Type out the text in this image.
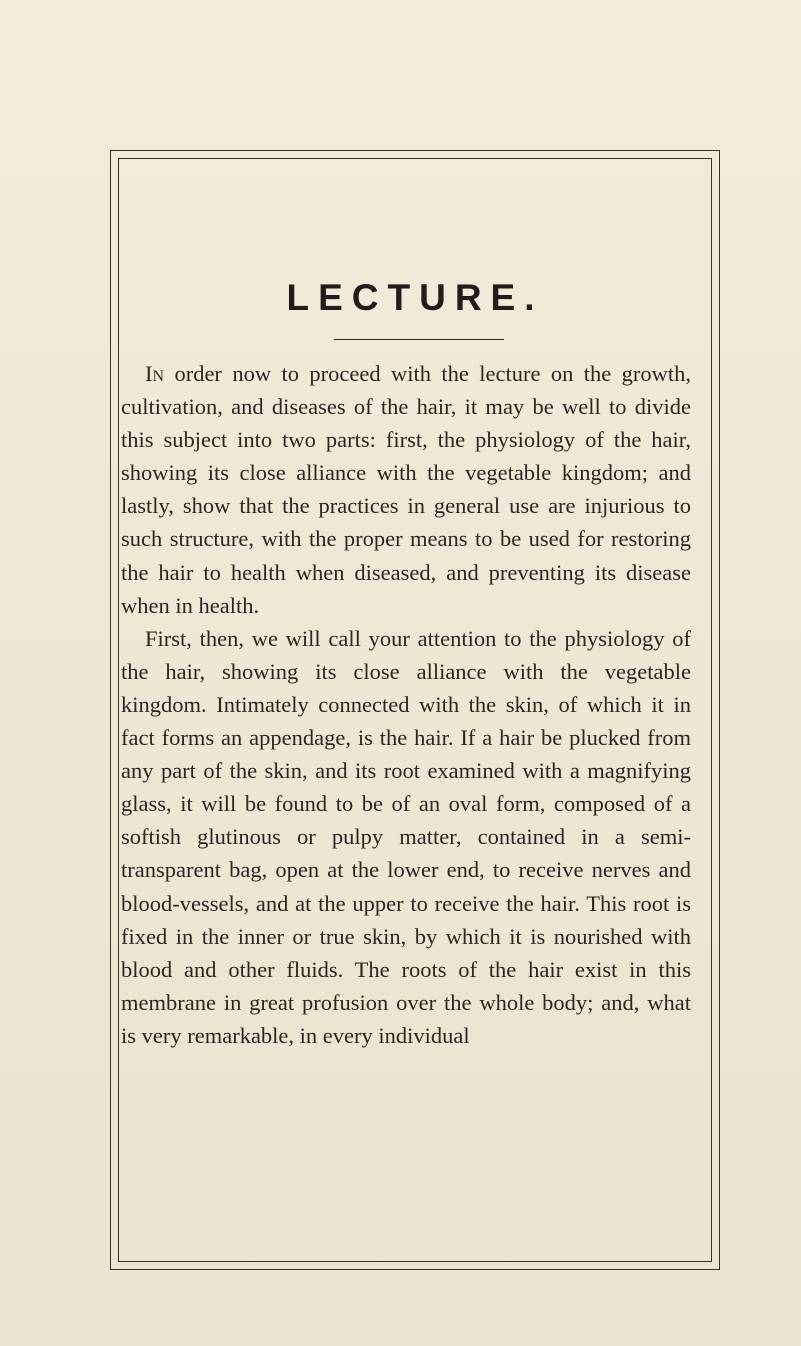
LECTURE.

In order now to proceed with the lecture on the growth, cultivation, and diseases of the hair, it may be well to divide this subject into two parts: first, the physiology of the hair, showing its close alliance with the vegetable kingdom; and lastly, show that the practices in general use are injurious to such structure, with the proper means to be used for restoring the hair to health when diseased, and preventing its disease when in health.

First, then, we will call your attention to the physiology of the hair, showing its close alliance with the vegetable kingdom. Intimately connected with the skin, of which it in fact forms an appendage, is the hair. If a hair be plucked from any part of the skin, and its root examined with a magnifying glass, it will be found to be of an oval form, composed of a softish glutinous or pulpy matter, contained in a semi-transparent bag, open at the lower end, to receive nerves and blood-vessels, and at the upper to receive the hair. This root is fixed in the inner or true skin, by which it is nourished with blood and other fluids. The roots of the hair exist in this membrane in great profusion over the whole body; and, what is very remarkable, in every individual
